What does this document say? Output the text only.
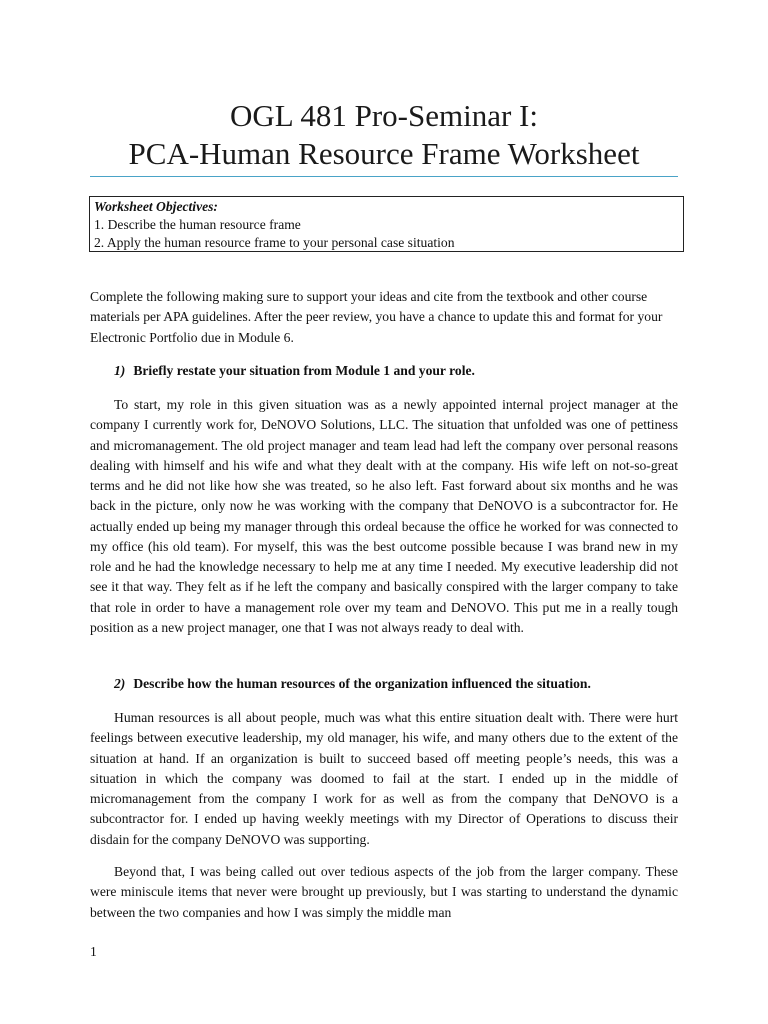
OGL 481 Pro-Seminar I:
PCA-Human Resource Frame Worksheet
Worksheet Objectives:
1. Describe the human resource frame
2. Apply the human resource frame to your personal case situation

Complete the following making sure to support your ideas and cite from the textbook and other course materials per APA guidelines. After the peer review, you have a chance to update this and format for your Electronic Portfolio due in Module 6.

1) Briefly restate your situation from Module 1 and your role.

To start, my role in this given situation was as a newly appointed internal project manager at the company I currently work for, DeNOVO Solutions, LLC. The situation that unfolded was one of pettiness and micromanagement. The old project manager and team lead had left the company over personal reasons dealing with himself and his wife and what they dealt with at the company. His wife left on not-so-great terms and he did not like how she was treated, so he also left. Fast forward about six months and he was back in the picture, only now he was working with the company that DeNOVO is a subcontractor for. He actually ended up being my manager through this ordeal because the office he worked for was connected to my office (his old team). For myself, this was the best outcome possible because I was brand new in my role and he had the knowledge necessary to help me at any time I needed. My executive leadership did not see it that way. They felt as if he left the company and basically conspired with the larger company to take that role in order to have a management role over my team and DeNOVO. This put me in a really tough position as a new project manager, one that I was not always ready to deal with.

2) Describe how the human resources of the organization influenced the situation.

Human resources is all about people, much was what this entire situation dealt with. There were hurt feelings between executive leadership, my old manager, his wife, and many others due to the extent of the situation at hand. If an organization is built to succeed based off meeting people’s needs, this was a situation in which the company was doomed to fail at the start. I ended up in the middle of micromanagement from the company I work for as well as from the company that DeNOVO is a subcontractor for. I ended up having weekly meetings with my Director of Operations to discuss their disdain for the company DeNOVO was supporting.

Beyond that, I was being called out over tedious aspects of the job from the larger company. These were miniscule items that never were brought up previously, but I was starting to understand the dynamic between the two companies and how I was simply the middle man

1
